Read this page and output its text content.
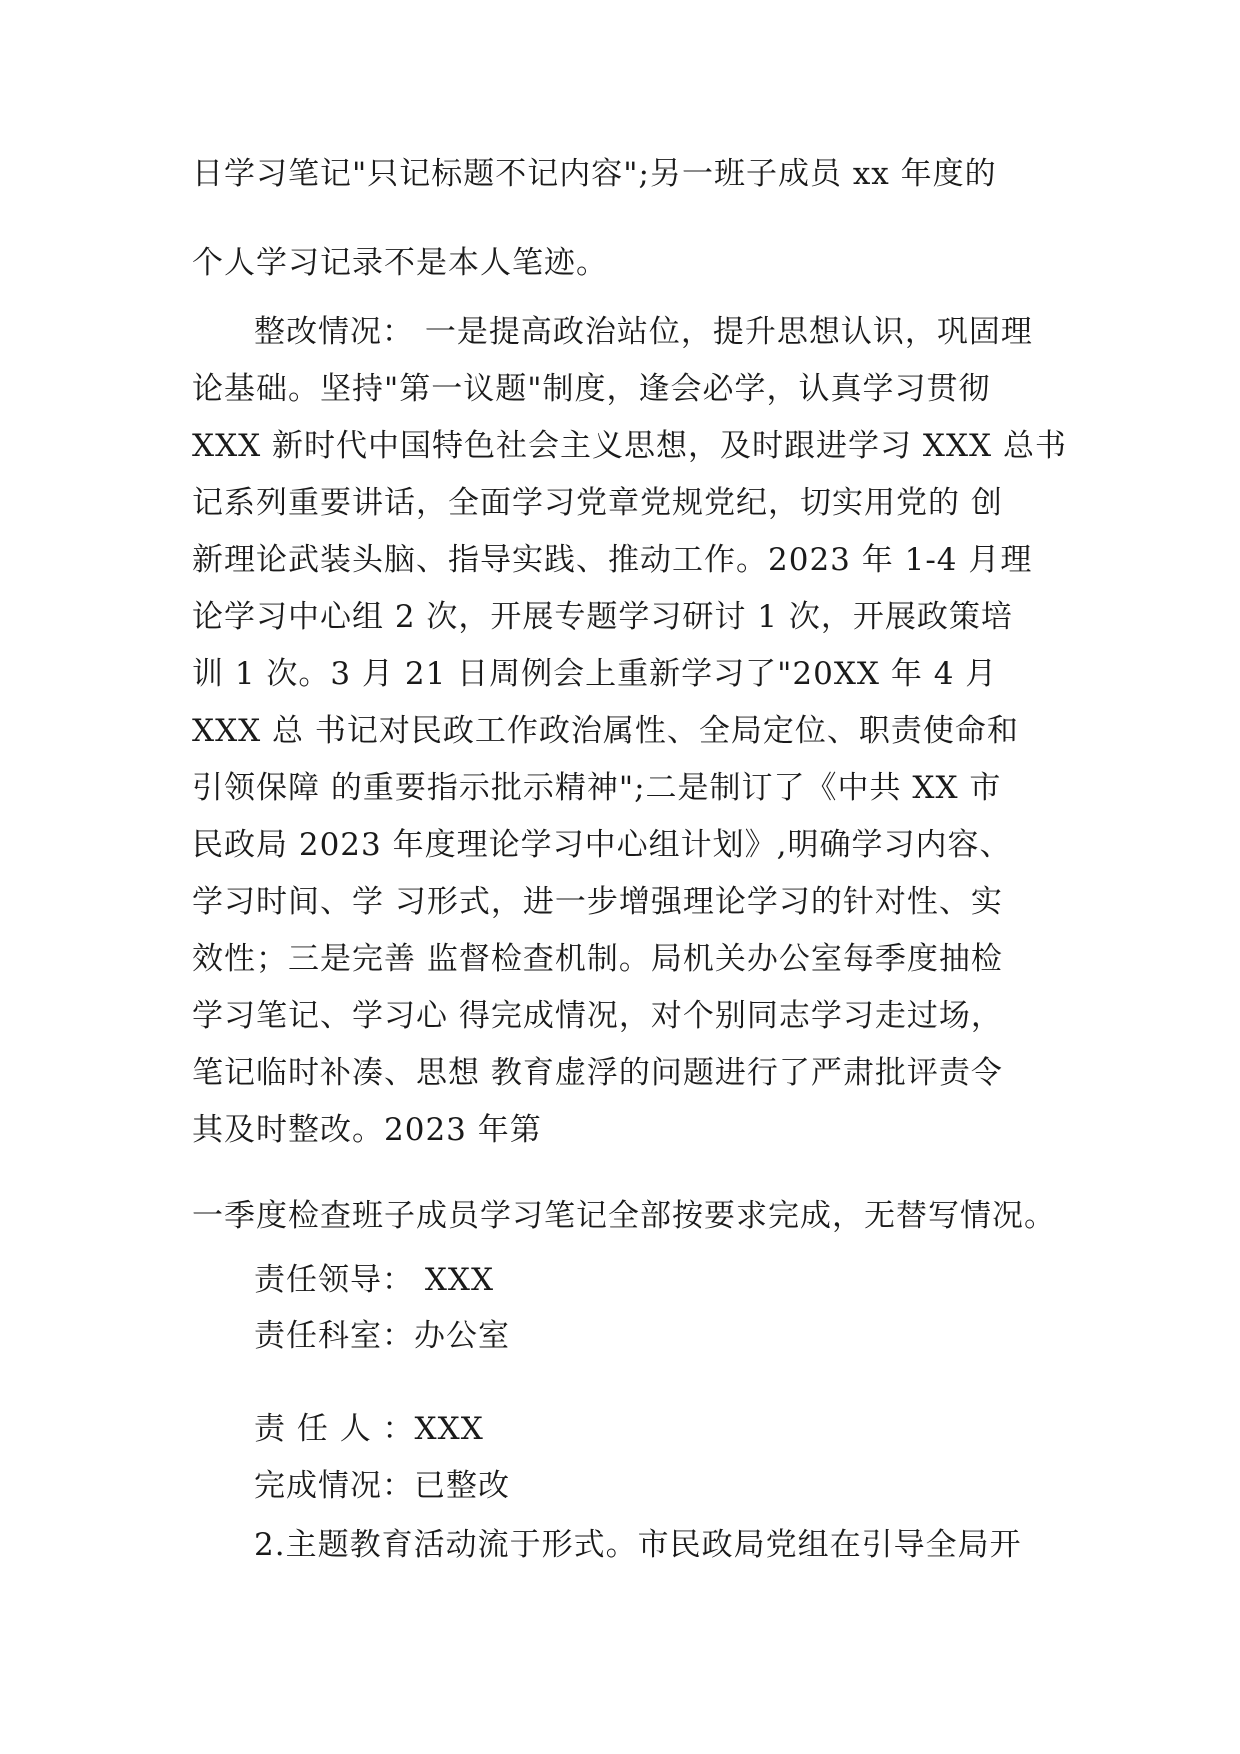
日学习笔记"只记标题不记内容";另一班子成员 xx 年度的
个人学习记录不是本人笔迹。
整改情况： 一是提高政治站位，提升思想认识，巩固理
论基础。坚持"第一议题"制度，逢会必学，认真学习贯彻
XXX 新时代中国特色社会主义思想，及时跟进学习 XXX 总书
记系列重要讲话，全面学习党章党规党纪，切实用党的 创
新理论武装头脑、指导实践、推动工作。2023 年 1-4 月理
论学习中心组 2 次，开展专题学习研讨 1 次，开展政策培
训 1 次。3 月 21 日周例会上重新学习了"20XX 年 4 月
XXX 总 书记对民政工作政治属性、全局定位、职责使命和
引领保障 的重要指示批示精神";二是制订了《中共 XX 市
民政局 2023 年度理论学习中心组计划》,明确学习内容、
学习时间、学 习形式，进一步增强理论学习的针对性、实
效性；三是完善 监督检查机制。局机关办公室每季度抽检
学习笔记、学习心 得完成情况，对个别同志学习走过场，
笔记临时补凑、思想 教育虚浮的问题进行了严肃批评责令
其及时整改。2023 年第
一季度检查班子成员学习笔记全部按要求完成，无替写情况。
责任领导： XXX
责任科室：办公室
责 任 人 ：XXX
完成情况：已整改
2.主题教育活动流于形式。市民政局党组在引导全局开
